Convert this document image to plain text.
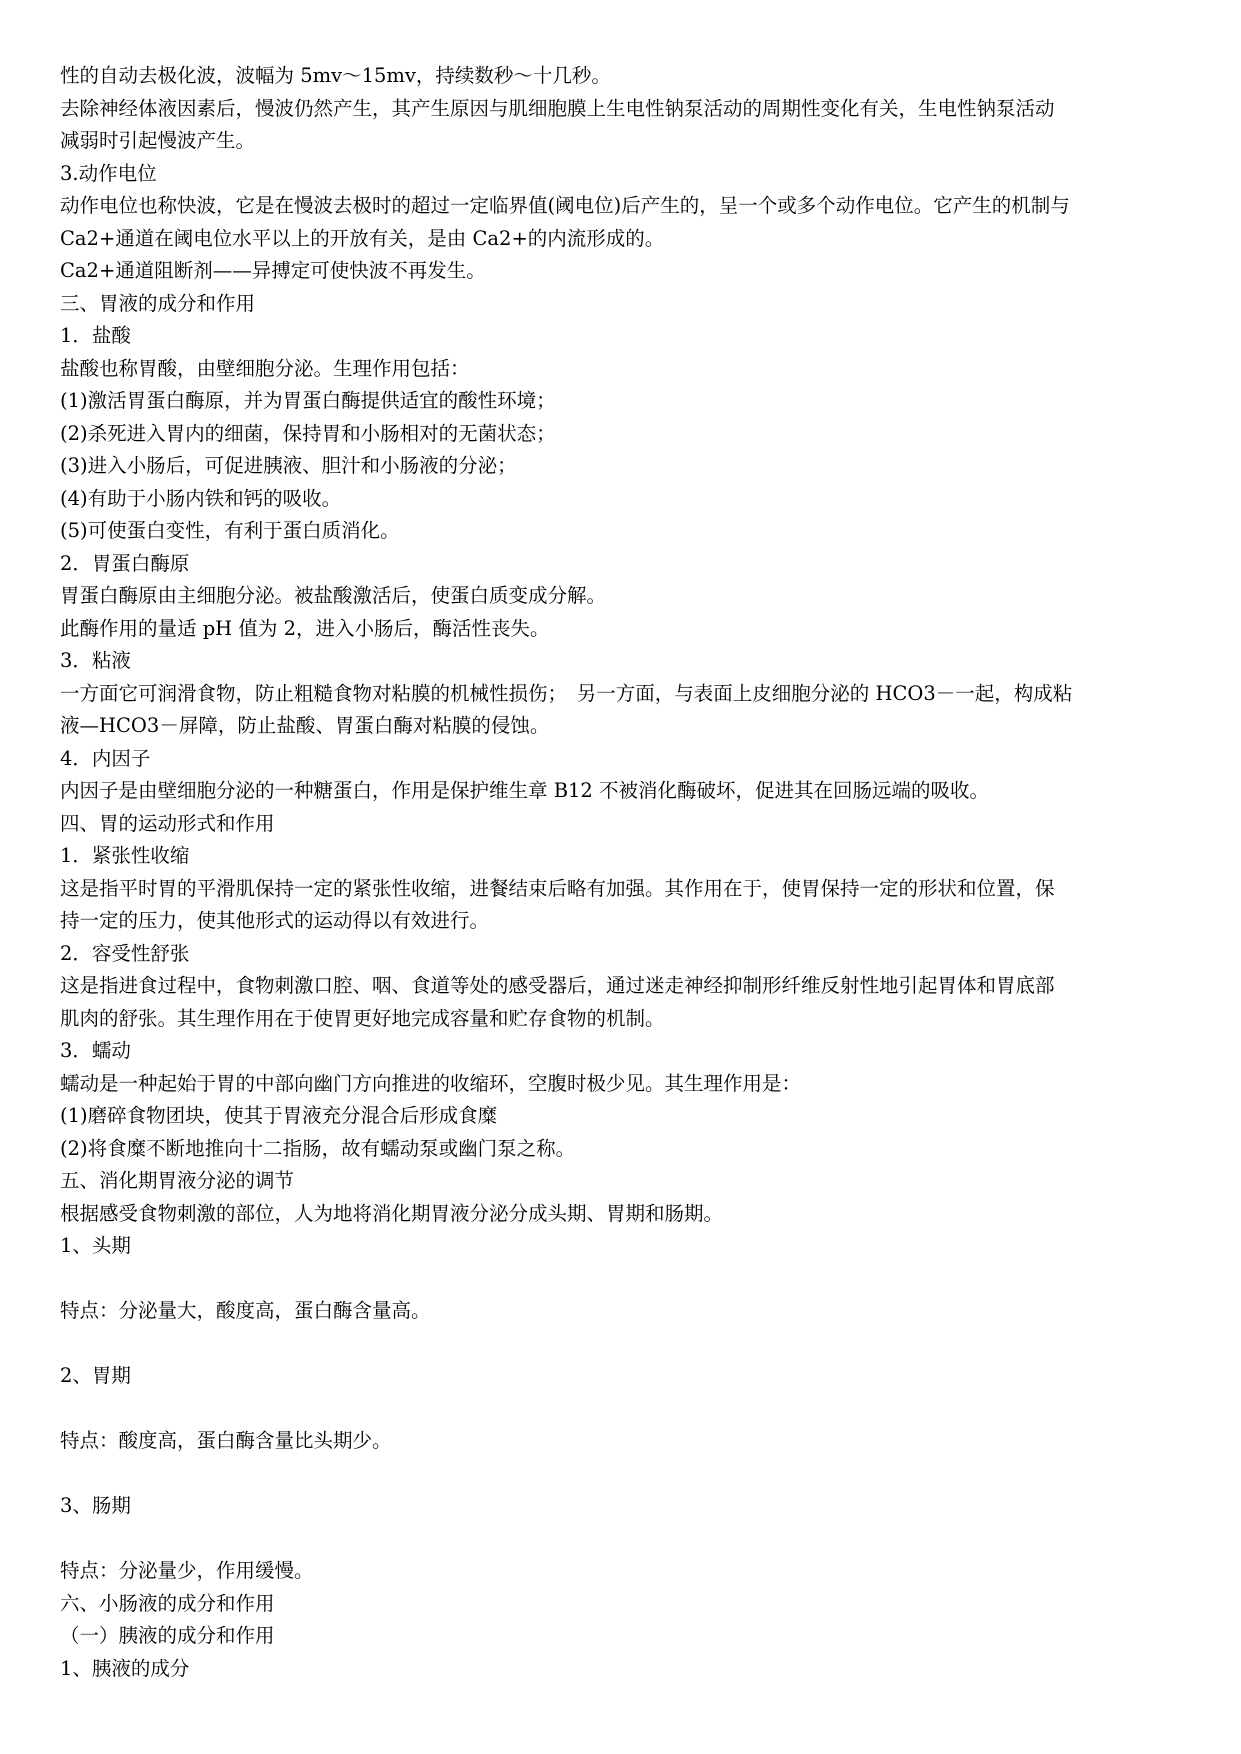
性的自动去极化波，波幅为 5mv～15mv，持续数秒～十几秒。
去除神经体液因素后，慢波仍然产生，其产生原因与肌细胞膜上生电性钠泵活动的周期性变化有关，生电性钠泵活动
减弱时引起慢波产生。
3.动作电位
动作电位也称快波，它是在慢波去极时的超过一定临界值(阈电位)后产生的，呈一个或多个动作电位。它产生的机制与
Ca2+通道在阈电位水平以上的开放有关，是由 Ca2+的内流形成的。
Ca2+通道阻断剂——异搏定可使快波不再发生。
三、胃液的成分和作用
1．盐酸
盐酸也称胃酸，由壁细胞分泌。生理作用包括：
(1)激活胃蛋白酶原，并为胃蛋白酶提供适宜的酸性环境；
(2)杀死进入胃内的细菌，保持胃和小肠相对的无菌状态；
(3)进入小肠后，可促进胰液、胆汁和小肠液的分泌；
(4)有助于小肠内铁和钙的吸收。
(5)可使蛋白变性，有利于蛋白质消化。
2．胃蛋白酶原
胃蛋白酶原由主细胞分泌。被盐酸激活后，使蛋白质变成分解。
此酶作用的量适 pH 值为 2，进入小肠后，酶活性丧失。
3．粘液
一方面它可润滑食物，防止粗糙食物对粘膜的机械性损伤；　另一方面，与表面上皮细胞分泌的 HCO3－一起，构成粘
液—HCO3－屏障，防止盐酸、胃蛋白酶对粘膜的侵蚀。
4．内因子
内因子是由壁细胞分泌的一种糖蛋白，作用是保护维生章 B12 不被消化酶破坏，促进其在回肠远端的吸收。
四、胃的运动形式和作用
1．紧张性收缩
这是指平时胃的平滑肌保持一定的紧张性收缩，进餐结束后略有加强。其作用在于，使胃保持一定的形状和位置，保
持一定的压力，使其他形式的运动得以有效进行。
2．容受性舒张
这是指进食过程中，食物刺激口腔、咽、食道等处的感受器后，通过迷走神经抑制形纤维反射性地引起胃体和胃底部
肌肉的舒张。其生理作用在于使胃更好地完成容量和贮存食物的机制。
3．蠕动
蠕动是一种起始于胃的中部向幽门方向推进的收缩环，空腹时极少见。其生理作用是：
(1)磨碎食物团块，使其于胃液充分混合后形成食糜
(2)将食糜不断地推向十二指肠，故有蠕动泵或幽门泵之称。
五、消化期胃液分泌的调节
根据感受食物刺激的部位，人为地将消化期胃液分泌分成头期、胃期和肠期。
1、头期
特点：分泌量大，酸度高，蛋白酶含量高。
2、胃期
特点：酸度高，蛋白酶含量比头期少。
3、肠期
特点：分泌量少，作用缓慢。
六、小肠液的成分和作用
（一）胰液的成分和作用
1、胰液的成分
